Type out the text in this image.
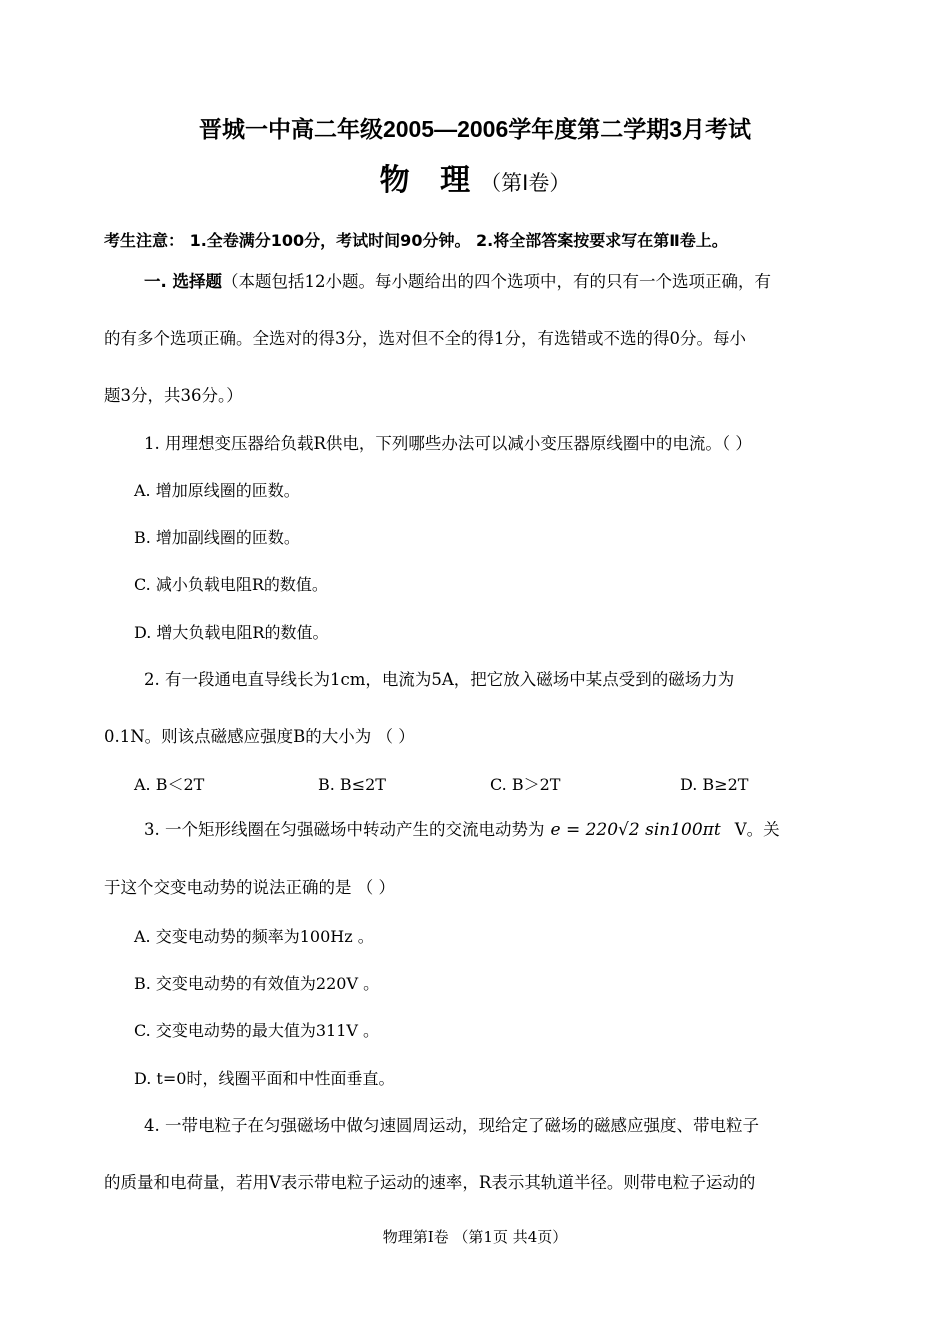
晋城一中高二年级2005—2006学年度第二学期3月考试
物 理（第Ⅰ卷）
考生注意： 1.全卷满分100分，考试时间90分钟。 2.将全部答案按要求写在第Ⅱ卷上。
一. 选择题（本题包括12小题。每小题给出的四个选项中，有的只有一个选项正确，有
的有多个选项正确。全选对的得3分，选对但不全的得1分，有选错或不选的得0分。每小
题3分，共36分。）
1. 用理想变压器给负载R供电，下列哪些办法可以减小变压器原线圈中的电流。（ ）
A. 增加原线圈的匝数。
B. 增加副线圈的匝数。
C. 减小负载电阻R的数值。
D. 增大负载电阻R的数值。
2. 有一段通电直导线长为1cm，电流为5A，把它放入磁场中某点受到的磁场力为
0.1N。则该点磁感应强度B的大小为 （ ）
A. B＜2T	B. B≤2T	C. B＞2T	D. B≥2T
3. 一个矩形线圈在匀强磁场中转动产生的交流电动势为 e = 220√2 sin100πt V。关
于这个交变电动势的说法正确的是 （ ）
A. 交变电动势的频率为100Hz 。
B. 交变电动势的有效值为220V 。
C. 交变电动势的最大值为311V 。
D. t=0时，线圈平面和中性面垂直。
4. 一带电粒子在匀强磁场中做匀速圆周运动，现给定了磁场的磁感应强度、带电粒子
的质量和电荷量，若用V表示带电粒子运动的速率，R表示其轨道半径。则带电粒子运动的
物理第Ⅰ卷 （第1页 共4页）
